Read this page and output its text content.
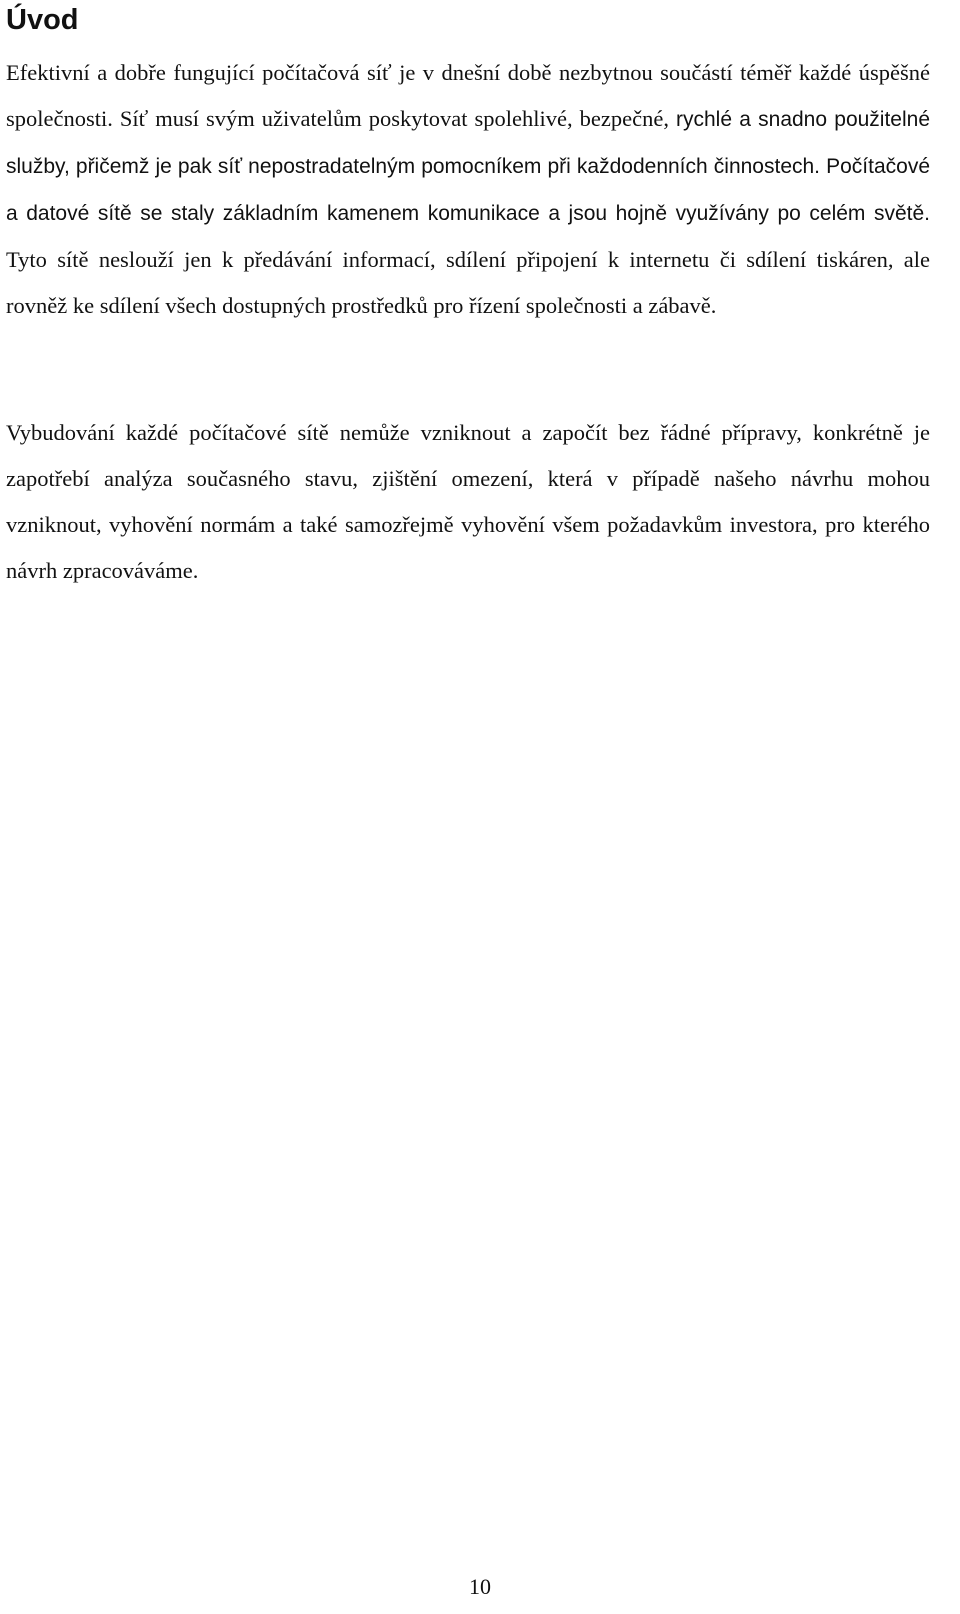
Úvod

Efektivní a dobře fungující počítačová síť je v dnešní době nezbytnou součástí téměř každé úspěšné společnosti. Síť musí svým uživatelům poskytovat spolehlivé, bezpečné, rychlé a snadno použitelné služby, přičemž je pak síť nepostradatelným pomocníkem při každodenních činnostech. Počítačové a datové sítě se staly základním kamenem komunikace a jsou hojně využívány po celém světě. Tyto sítě neslouží jen k předávání informací, sdílení připojení k internetu či sdílení tiskáren, ale rovněž ke sdílení všech dostupných prostředků pro řízení společnosti a zábavě.

Vybudování každé počítačové sítě nemůže vzniknout a započít bez řádné přípravy, konkrétně je zapotřebí analýza současného stavu, zjištění omezení, která v případě našeho návrhu mohou vzniknout, vyhovění normám a také samozřejmě vyhovění všem požadavkům investora, pro kterého návrh zpracováváme.

10
